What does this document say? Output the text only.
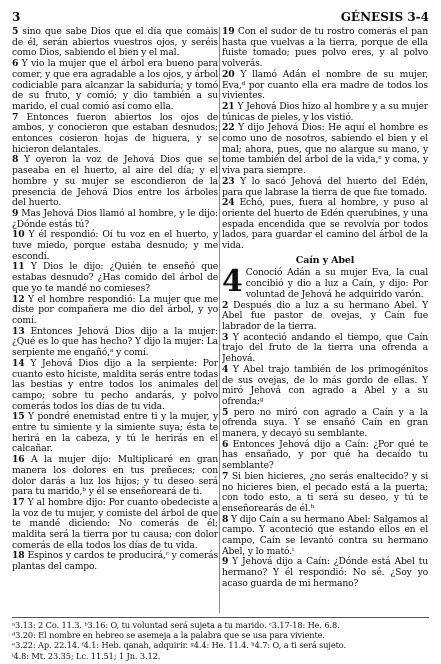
3	GÉNESIS 3-4

5 sino que sabe Dios que el día que comáis de él, serán abiertos vuestros ojos, y seréis como Dios, sabiendo el bien y el mal.

6 Y vio la mujer que el árbol era bueno para comer, y que era agradable a los ojos, y árbol codiciable para alcanzar la sabiduría; y tomó de su fruto, y comió; y dio también a su marido, el cual comió así como ella.

7 Entonces fueron abiertos los ojos de ambos, y conocieron que estaban desnudos; entonces cosieron hojas de higuera, y se hicieron delantales.

8 Y oyeron la voz de Jehová Dios que se paseaba en el huerto, al aire del día; y el hombre y su mujer se escondieron de la presencia de Jehová Dios entre los árboles del huerto.

9 Mas Jehová Dios llamó al hombre, y le dijo: ¿Dónde estás tú?

10 Y él respondió: Oí tu voz en el huerto, y tuve miedo, porque estaba desnudo; y me escondí.

11 Y Dios le dijo: ¿Quién te enseñó que estabas desnudo? ¿Has comido del árbol de que yo te mandé no comieses?

12 Y el hombre respondió: La mujer que me diste por compañera me dio del árbol, y yo comí.

13 Entonces Jehová Dios dijo a la mujer: ¿Qué es lo que has hecho? Y dijo la mujer: La serpiente me engañó,ᵃ y comí.

14 Y Jehová Dios dijo a la serpiente: Por cuanto esto hiciste, maldita serás entre todas las bestias y entre todos los animales del campo; sobre tu pecho andarás, y polvo comerás todos los días de tu vida.

15 Y pondré enemistad entre ti y la mujer, y entre tu simiente y la simiente suya; ésta te herirá en la cabeza, y tú le herirás en el calcañar.

16 A la mujer dijo: Multiplicaré en gran manera los dolores en tus preñeces; con dolor darás a luz los hijos; y tu deseo será para tu marido,ᵇ y él se enseñoreará de ti.

17 Y al hombre dijo: Por cuanto obedeciste a la voz de tu mujer, y comiste del árbol de que te mandé diciendo: No comerás de él; maldita será la tierra por tu causa; con dolor comerás de ella todos los días de tu vida.

18 Espinos y cardos te producirá,ᶜ y comerás plantas del campo.

19 Con el sudor de tu rostro comerás el pan hasta que vuelvas a la tierra, porque de ella fuiste tomado; pues polvo eres, y al polvo volverás.

20 Y llamó Adán el nombre de su mujer, Eva,ᵈ por cuanto ella era madre de todos los vivientes.

21 Y Jehová Dios hizo al hombre y a su mujer túnicas de pieles, y los vistió.

22 Y dijo Jehová Dios: He aquí el hombre es como uno de nosotros, sabiendo el bien y el mal; ahora, pues, que no alargue su mano, y tome también del árbol de la vida,ᵉ y coma, y viva para siempre.

23 Y lo sacó Jehová del huerto del Edén, para que labrase la tierra de que fue tomado.

24 Echó, pues, fuera al hombre, y puso al oriente del huerto de Edén querubines, y una espada encendida que se revolvía por todos lados, para guardar el camino del árbol de la vida.

Caín y Abel
4 Conoció Adán a su mujer Eva, la cual concibió y dio a luz a Caín, y dijo: Por voluntad de Jehová he adquirido varón.

2 Después dio a luz a su hermano Abel. Y Abel fue pastor de ovejas, y Caín fue labrador de la tierra.

3 Y aconteció andando el tiempo, que Caín trajo del fruto de la tierra una ofrenda a Jehová.

4 Y Abel trajo también de los primogénitos de sus ovejas, de lo más gordo de ellas. Y miró Jehová con agrado a Abel y a su ofrenda;ᵍ

5 pero no miró con agrado a Caín y a la ofrenda suya. Y se ensañó Caín en gran manera, y decayó su semblante.

6 Entonces Jehová dijo a Caín: ¿Por qué te has ensañado, y por qué ha decaído tu semblante?

7 Si bien hicieres, ¿no serás enaltecido? y si no hicieres bien, el pecado está a la puerta; con todo esto, a ti será su deseo, y tú te enseñorearás de él.ʰ

8 Y dijo Caín a su hermano Abel: Salgamos al campo. Y aconteció que estando ellos en el campo, Caín se levantó contra su hermano Abel, y lo mató.ⁱ

9 Y Jehová dijo a Caín: ¿Dónde está Abel tu hermano? Y él respondió: No sé. ¿Soy yo acaso guarda de mi hermano?

ᵃ3.13: 2 Co. 11.3. ᵇ3.16: O, tu voluntad será sujeta a tu marido. ᶜ3.17-18: He. 6.8.

ᵈ3.20: El nombre en hebreo se asemeja a la palabra que se usa para viviente.

ᵉ3.22: Ap. 22.14. ᶠ4.1: Heb. qanah, adquirir. ᵍ4.4: He. 11.4. ʰ4.7: O, a ti será sujeto.

ⁱ4.8: Mt. 23.35; Lc. 11.51; 1 Jn. 3.12.
